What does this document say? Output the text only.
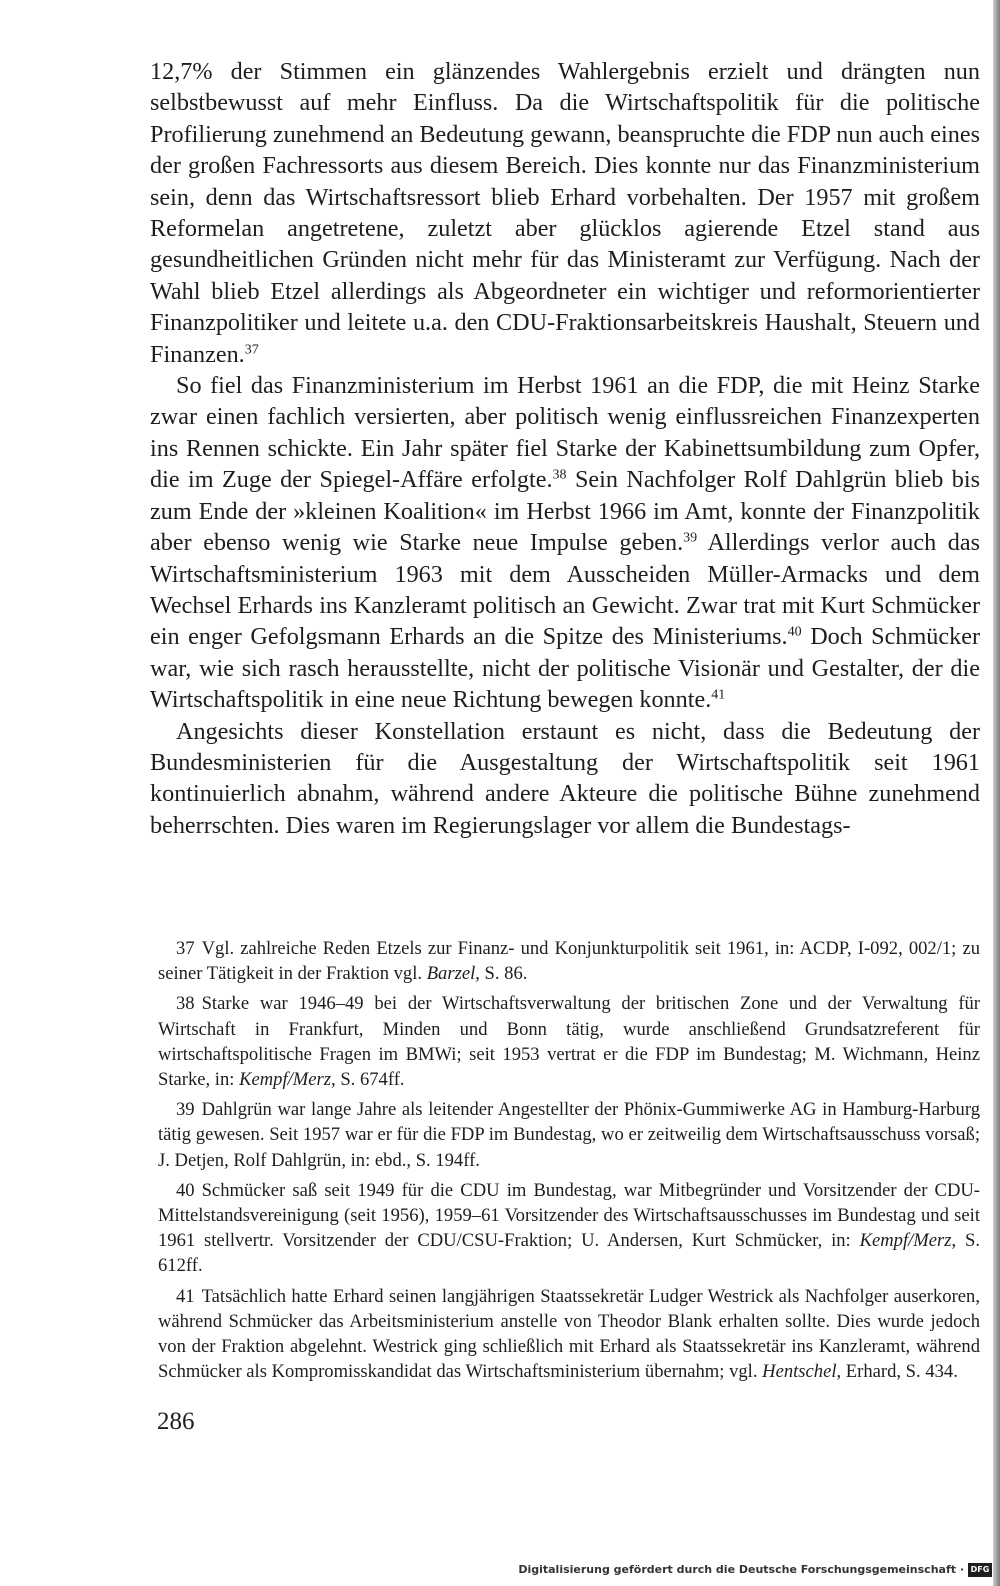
12,7% der Stimmen ein glänzendes Wahlergebnis erzielt und drängten nun selbstbewusst auf mehr Einfluss. Da die Wirtschaftspolitik für die politische Profilierung zunehmend an Bedeutung gewann, beanspruchte die FDP nun auch eines der großen Fachressorts aus diesem Bereich. Dies konnte nur das Finanzministerium sein, denn das Wirtschaftsressort blieb Erhard vorbehalten. Der 1957 mit großem Reformelan angetretene, zuletzt aber glücklos agierende Etzel stand aus gesundheitlichen Gründen nicht mehr für das Ministeramt zur Verfügung. Nach der Wahl blieb Etzel allerdings als Abgeordneter ein wichtiger und reformorientierter Finanzpolitiker und leitete u.a. den CDU-Fraktionsarbeitskreis Haushalt, Steuern und Finanzen.$^{37}$

So fiel das Finanzministerium im Herbst 1961 an die FDP, die mit Heinz Starke zwar einen fachlich versierten, aber politisch wenig einflussreichen Finanzexperten ins Rennen schickte. Ein Jahr später fiel Starke der Kabinettsumbildung zum Opfer, die im Zuge der Spiegel-Affäre erfolgte.$^{38}$ Sein Nachfolger Rolf Dahlgrün blieb bis zum Ende der »kleinen Koalition« im Herbst 1966 im Amt, konnte der Finanzpolitik aber ebenso wenig wie Starke neue Impulse geben.$^{39}$ Allerdings verlor auch das Wirtschaftsministerium 1963 mit dem Ausscheiden Müller-Armacks und dem Wechsel Erhards ins Kanzleramt politisch an Gewicht. Zwar trat mit Kurt Schmücker ein enger Gefolgsmann Erhards an die Spitze des Ministeriums.$^{40}$ Doch Schmücker war, wie sich rasch herausstellte, nicht der politische Visionär und Gestalter, der die Wirtschaftspolitik in eine neue Richtung bewegen konnte.$^{41}$

Angesichts dieser Konstellation erstaunt es nicht, dass die Bedeutung der Bundesministerien für die Ausgestaltung der Wirtschaftspolitik seit 1961 kontinuierlich abnahm, während andere Akteure die politische Bühne zunehmend beherrschten. Dies waren im Regierungslager vor allem die Bundestags-

37 Vgl. zahlreiche Reden Etzels zur Finanz- und Konjunkturpolitik seit 1961, in: ACDP, I-092, 002/1; zu seiner Tätigkeit in der Fraktion vgl. Barzel, S. 86.

38 Starke war 1946–49 bei der Wirtschaftsverwaltung der britischen Zone und der Verwaltung für Wirtschaft in Frankfurt, Minden und Bonn tätig, wurde anschließend Grundsatzreferent für wirtschaftspolitische Fragen im BMWi; seit 1953 vertrat er die FDP im Bundestag; M. Wichmann, Heinz Starke, in: Kempf/Merz, S. 674ff.

39 Dahlgrün war lange Jahre als leitender Angestellter der Phönix-Gummiwerke AG in Hamburg-Harburg tätig gewesen. Seit 1957 war er für die FDP im Bundestag, wo er zeitweilig dem Wirtschaftsausschuss vorsaß; J. Detjen, Rolf Dahlgrün, in: ebd., S. 194ff.

40 Schmücker saß seit 1949 für die CDU im Bundestag, war Mitbegründer und Vorsitzender der CDU-Mittelstandsvereinigung (seit 1956), 1959–61 Vorsitzender des Wirtschaftsausschusses im Bundestag und seit 1961 stellvertr. Vorsitzender der CDU/CSU-Fraktion; U. Andersen, Kurt Schmücker, in: Kempf/Merz, S. 612ff.

41 Tatsächlich hatte Erhard seinen langjährigen Staatssekretär Ludger Westrick als Nachfolger auserkoren, während Schmücker das Arbeitsministerium anstelle von Theodor Blank erhalten sollte. Dies wurde jedoch von der Fraktion abgelehnt. Westrick ging schließlich mit Erhard als Staatssekretär ins Kanzleramt, während Schmücker als Kompromisskandidat das Wirtschaftsministerium übernahm; vgl. Hentschel, Erhard, S. 434.

286
Digitalisierung gefördert durch die Deutsche Forschungsgemeinschaft · DFG
